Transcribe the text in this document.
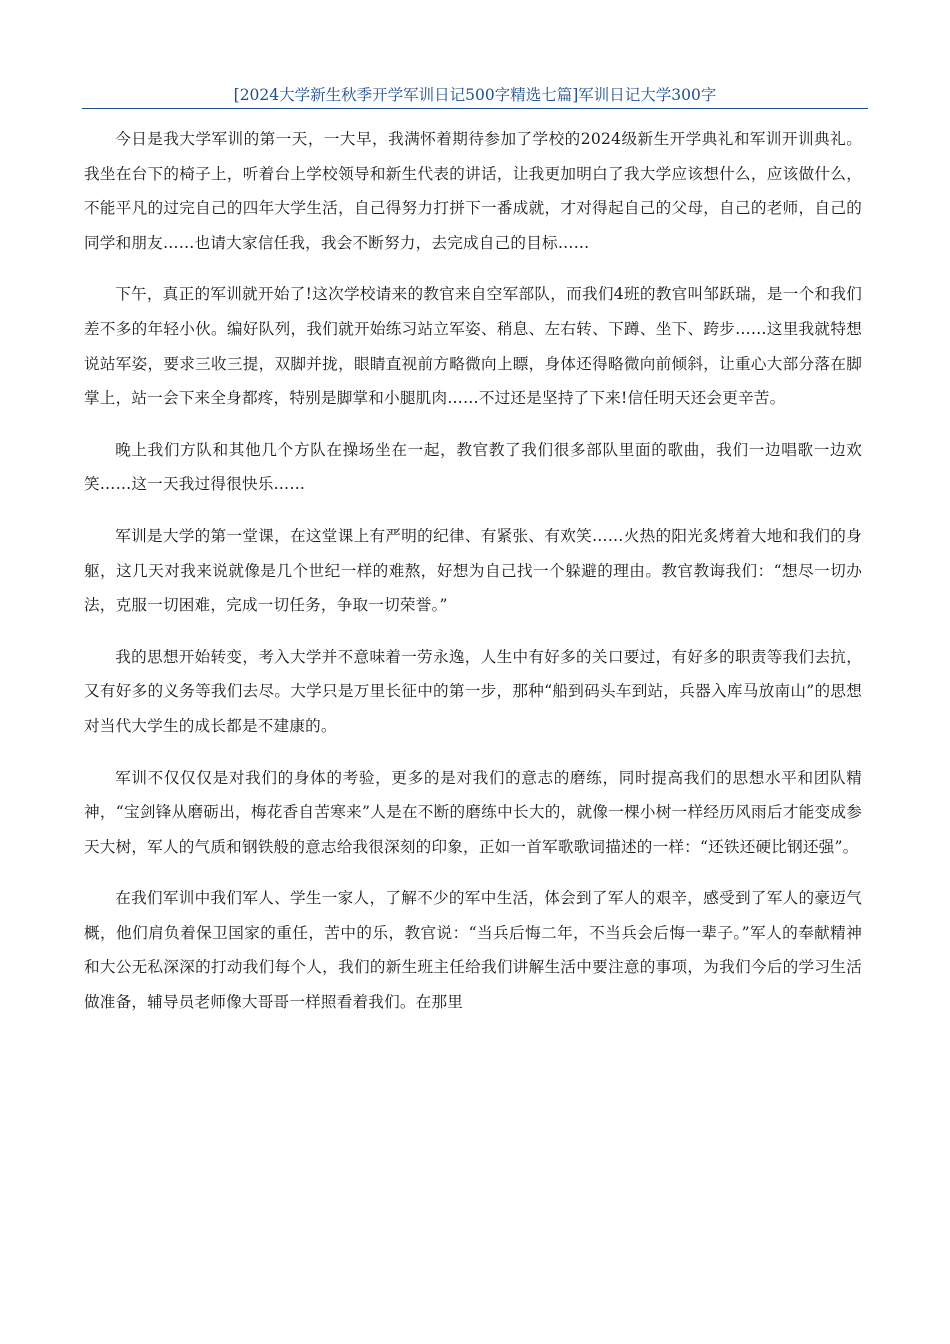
[2024大学新生秋季开学军训日记500字精选七篇]军训日记大学300字

今日是我大学军训的第一天，一大早，我满怀着期待参加了学校的2024级新生开学典礼和军训开训典礼。我坐在台下的椅子上，听着台上学校领导和新生代表的讲话，让我更加明白了我大学应该想什么，应该做什么，不能平凡的过完自己的四年大学生活，自己得努力打拼下一番成就，才对得起自己的父母，自己的老师，自己的同学和朋友……也请大家信任我，我会不断努力，去完成自己的目标……

下午，真正的军训就开始了!这次学校请来的教官来自空军部队，而我们4班的教官叫邹跃瑞，是一个和我们差不多的年轻小伙。编好队列，我们就开始练习站立军姿、稍息、左右转、下蹲、坐下、跨步……这里我就特想说站军姿，要求三收三提，双脚并拢，眼睛直视前方略微向上瞟，身体还得略微向前倾斜，让重心大部分落在脚掌上，站一会下来全身都疼，特别是脚掌和小腿肌肉……不过还是坚持了下来!信任明天还会更辛苦。

晚上我们方队和其他几个方队在操场坐在一起，教官教了我们很多部队里面的歌曲，我们一边唱歌一边欢笑……这一天我过得很快乐……

军训是大学的第一堂课，在这堂课上有严明的纪律、有紧张、有欢笑……火热的阳光炙烤着大地和我们的身躯，这几天对我来说就像是几个世纪一样的难熬，好想为自己找一个躲避的理由。教官教诲我们：“想尽一切办法，克服一切困难，完成一切任务，争取一切荣誉。”

我的思想开始转变，考入大学并不意味着一劳永逸，人生中有好多的关口要过，有好多的职责等我们去抗，又有好多的义务等我们去尽。大学只是万里长征中的第一步，那种“船到码头车到站，兵器入库马放南山”的思想对当代大学生的成长都是不建康的。

军训不仅仅仅是对我们的身体的考验，更多的是对我们的意志的磨练，同时提高我们的思想水平和团队精神，“宝剑锋从磨砺出，梅花香自苦寒来”人是在不断的磨练中长大的，就像一棵小树一样经历风雨后才能变成参天大树，军人的气质和钢铁般的意志给我很深刻的印象，正如一首军歌歌词描述的一样：“还铁还硬比钢还强”。

在我们军训中我们军人、学生一家人，了解不少的军中生活，体会到了军人的艰辛，感受到了军人的豪迈气概，他们肩负着保卫国家的重任，苦中的乐，教官说：“当兵后悔二年，不当兵会后悔一辈子。”军人的奉献精神和大公无私深深的打动我们每个人，我们的新生班主任给我们讲解生活中要注意的事项，为我们今后的学习生活做准备，辅导员老师像大哥哥一样照看着我们。在那里
